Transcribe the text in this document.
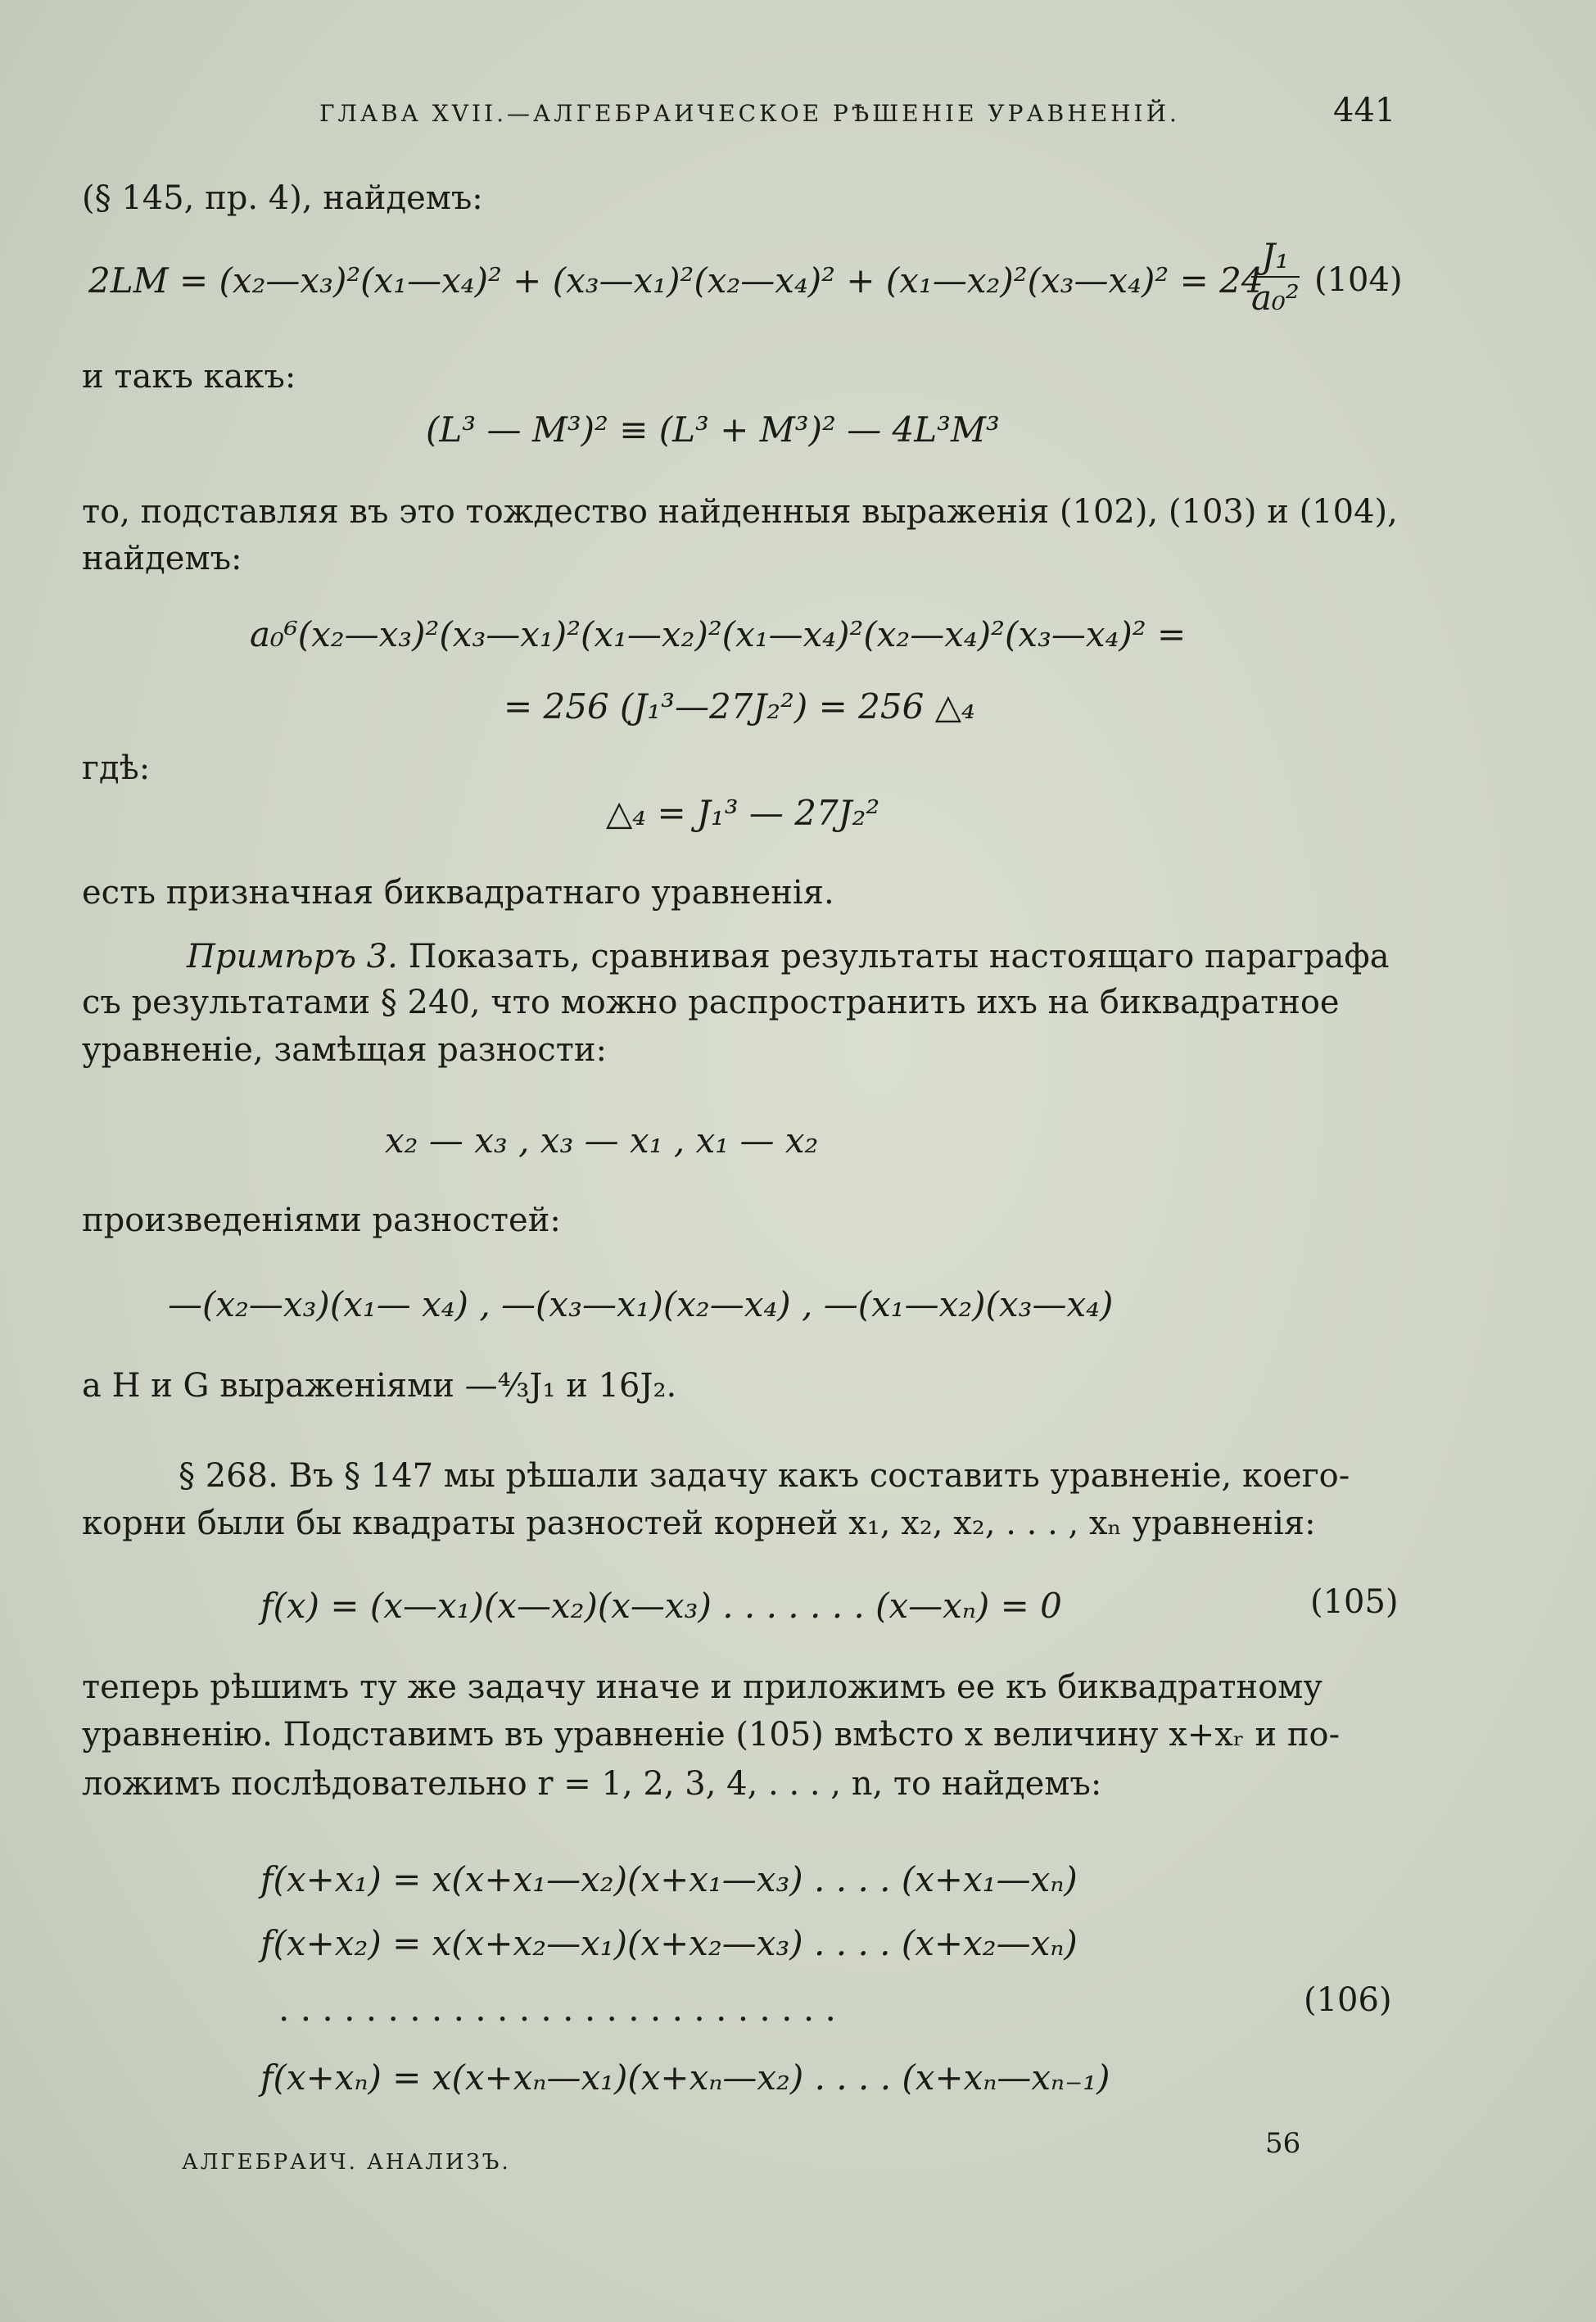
ГЛАВА XVII.—АЛГЕБРАИЧЕСКОЕ РѢШЕНІЕ УРАВНЕНІЙ.	441
(§ 145, пр. 4), найдемъ:
2LM = (x₂—x₃)²(x₁—x₄)² + (x₃—x₁)²(x₂—x₄)² + (x₁—x₂)²(x₃—x₄)² = 24
$\frac{\text{J₁}}{\text{a₀²}} (104)$
и такъ какъ:
(L³ — M³)² ≡ (L³ + M³)² — 4L³M³
то, подставляя въ это тождество найденныя выраженія (102), (103) и (104),
найдемъ:
a₀⁶(x₂—x₃)²(x₃—x₁)²(x₁—x₂)²(x₁—x₄)²(x₂—x₄)²(x₃—x₄)² =
= 256 (J₁³—27J₂²) = 256 △₄
гдѣ:
△₄ = J₁³ — 27J₂²
есть призначная биквадратнаго уравненія.
Примѣръ 3. Показать, сравнивая результаты настоящаго параграфа
съ результатами § 240, что можно распространить ихъ на биквадратное
уравненіе, замѣщая разности:
x₂ — x₃ , x₃ — x₁ , x₁ — x₂
произведеніями разностей:
—(x₂—x₃)(x₁— x₄) , —(x₃—x₁)(x₂—x₄) , —(x₁—x₂)(x₃—x₄)
а H и G выраженіями —⁴⁄₃J₁ и 16J₂.
§ 268. Въ § 147 мы рѣшали задачу какъ составить уравненіе, коего-
корни были бы квадраты разностей корней x₁, x₂, x₂, . . . , xₙ уравненія:
f(x) = (x—x₁)(x—x₂)(x—x₃) . . . . . . . (x—xₙ) = 0	(105)
теперь рѣшимъ ту же задачу иначе и приложимъ ее къ биквадратному
уравненію. Подставимъ въ уравненіе (105) вмѣсто x величину x+xᵣ и по-
ложимъ послѣдовательно r = 1, 2, 3, 4, . . . , n, то найдемъ:
f(x+x₁) = x(x+x₁—x₂)(x+x₁—x₃) . . . . (x+x₁—xₙ)
f(x+x₂) = x(x+x₂—x₁)(x+x₂—x₃) . . . . (x+x₂—xₙ)
. . . . . . . . . . . . . . . . . . . . . . . . . .	(106)
f(x+xₙ) = x(x+xₙ—x₁)(x+xₙ—x₂) . . . . (x+xₙ—xₙ₋₁)
АЛГЕБРАИЧ. АНАЛИЗЪ.
56
